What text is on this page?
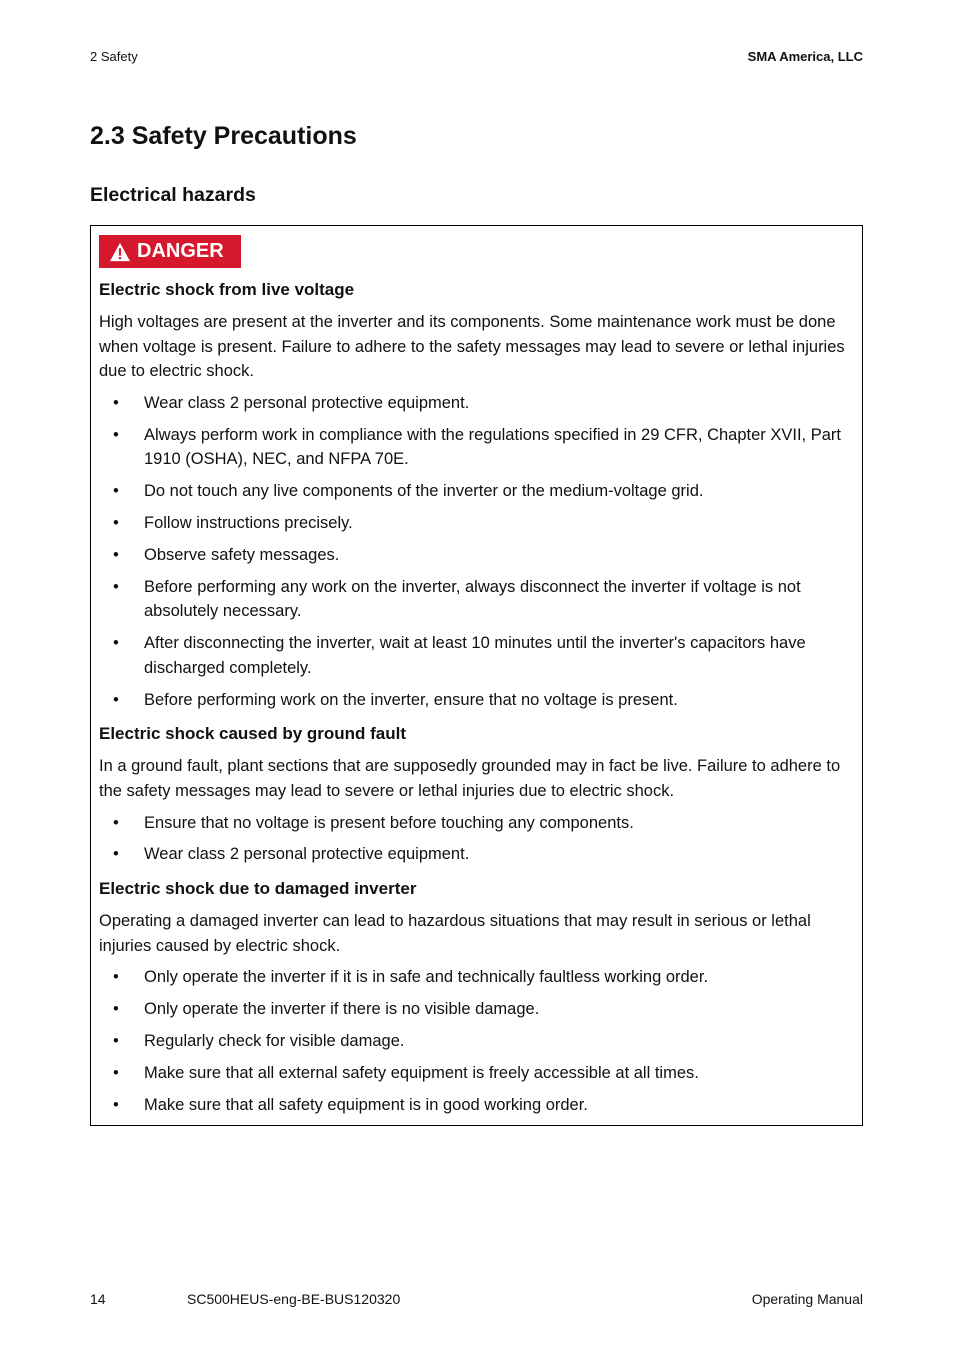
2 Safety	SMA America, LLC
2.3 Safety Precautions
Electrical hazards
DANGER
Electric shock from live voltage
High voltages are present at the inverter and its components. Some maintenance work must be done when voltage is present. Failure to adhere to the safety messages may lead to severe or lethal injuries due to electric shock.
• Wear class 2 personal protective equipment.
• Always perform work in compliance with the regulations specified in 29 CFR, Chapter XVII, Part 1910 (OSHA), NEC, and NFPA 70E.
• Do not touch any live components of the inverter or the medium-voltage grid.
• Follow instructions precisely.
• Observe safety messages.
• Before performing any work on the inverter, always disconnect the inverter if voltage is not absolutely necessary.
• After disconnecting the inverter, wait at least 10 minutes until the inverter's capacitors have discharged completely.
• Before performing work on the inverter, ensure that no voltage is present.
Electric shock caused by ground fault
In a ground fault, plant sections that are supposedly grounded may in fact be live. Failure to adhere to the safety messages may lead to severe or lethal injuries due to electric shock.
• Ensure that no voltage is present before touching any components.
• Wear class 2 personal protective equipment.
Electric shock due to damaged inverter
Operating a damaged inverter can lead to hazardous situations that may result in serious or lethal injuries caused by electric shock.
• Only operate the inverter if it is in safe and technically faultless working order.
• Only operate the inverter if there is no visible damage.
• Regularly check for visible damage.
• Make sure that all external safety equipment is freely accessible at all times.
• Make sure that all safety equipment is in good working order.
14	SC500HEUS-eng-BE-BUS120320	Operating Manual
